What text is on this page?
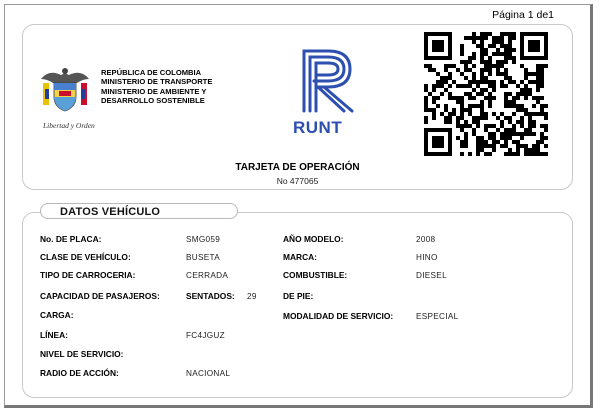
Página 1 de1
Libertad y Orden
REPÚBLICA DE COLOMBIA
MINISTERIO DE TRANSPORTE
MINISTERIO DE AMBIENTE Y
DESARROLLO SOSTENIBLE
RUNT
TARJETA DE OPERACIÓN
No 477065
DATOS VEHÍCULO
No. DE PLACA:	SMG059
CLASE DE VEHÍCULO:	BUSETA
TIPO DE CARROCERIA:	CERRADA
CAPACIDAD DE PASAJEROS:	SENTADOS: 29
CARGA:
LÍNEA:	FC4JGUZ
NIVEL DE SERVICIO:
RADIO DE ACCIÓN:	NACIONAL
AÑO MODELO:	2008
MARCA:	HINO
COMBUSTIBLE:	DIESEL
DE PIE:
MODALIDAD DE SERVICIO:	ESPECIAL
